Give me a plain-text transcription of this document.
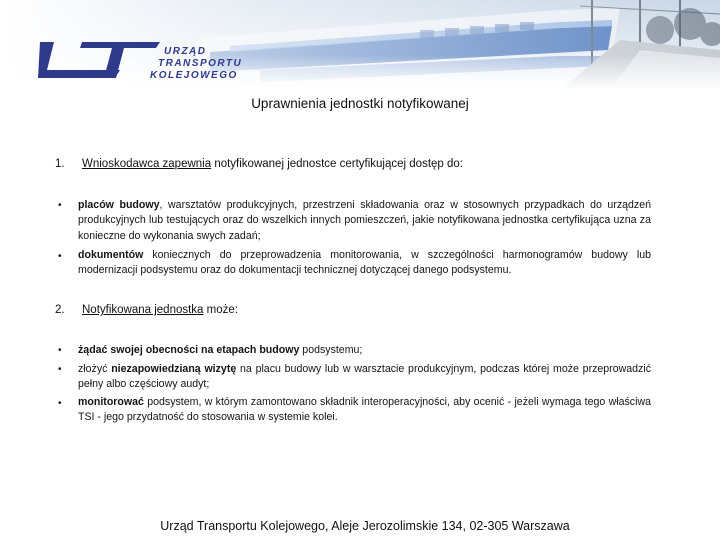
URZĄD
TRANSPORTU
KOLEJOWEGO
Uprawnienia jednostki notyfikowanej
1. Wnioskodawca zapewnia notyfikowanej jednostce certyfikującej dostęp do:
• placów budowy, warsztatów produkcyjnych, przestrzeni składowania oraz w stosownych przypadkach do urządzeń produkcyjnych lub testujących oraz do wszelkich innych pomieszczeń, jakie notyfikowana jednostka certyfikująca uzna za konieczne do wykonania swych zadań;
• dokumentów koniecznych do przeprowadzenia monitorowania, w szczególności harmonogramów budowy lub modernizacji podsystemu oraz do dokumentacji technicznej dotyczącej danego podsystemu.
2. Notyfikowana jednostka może:
• żądać swojej obecności na etapach budowy podsystemu;
• złożyć niezapowiedzianą wizytę na placu budowy lub w warsztacie produkcyjnym, podczas której może przeprowadzić pełny albo częściowy audyt;
• monitorować podsystem, w którym zamontowano składnik interoperacyjności, aby ocenić - jeżeli wymaga tego właściwa TSI - jego przydatność do stosowania w systemie kolei.
Urząd Transportu Kolejowego, Aleje Jerozolimskie 134, 02-305 Warszawa
